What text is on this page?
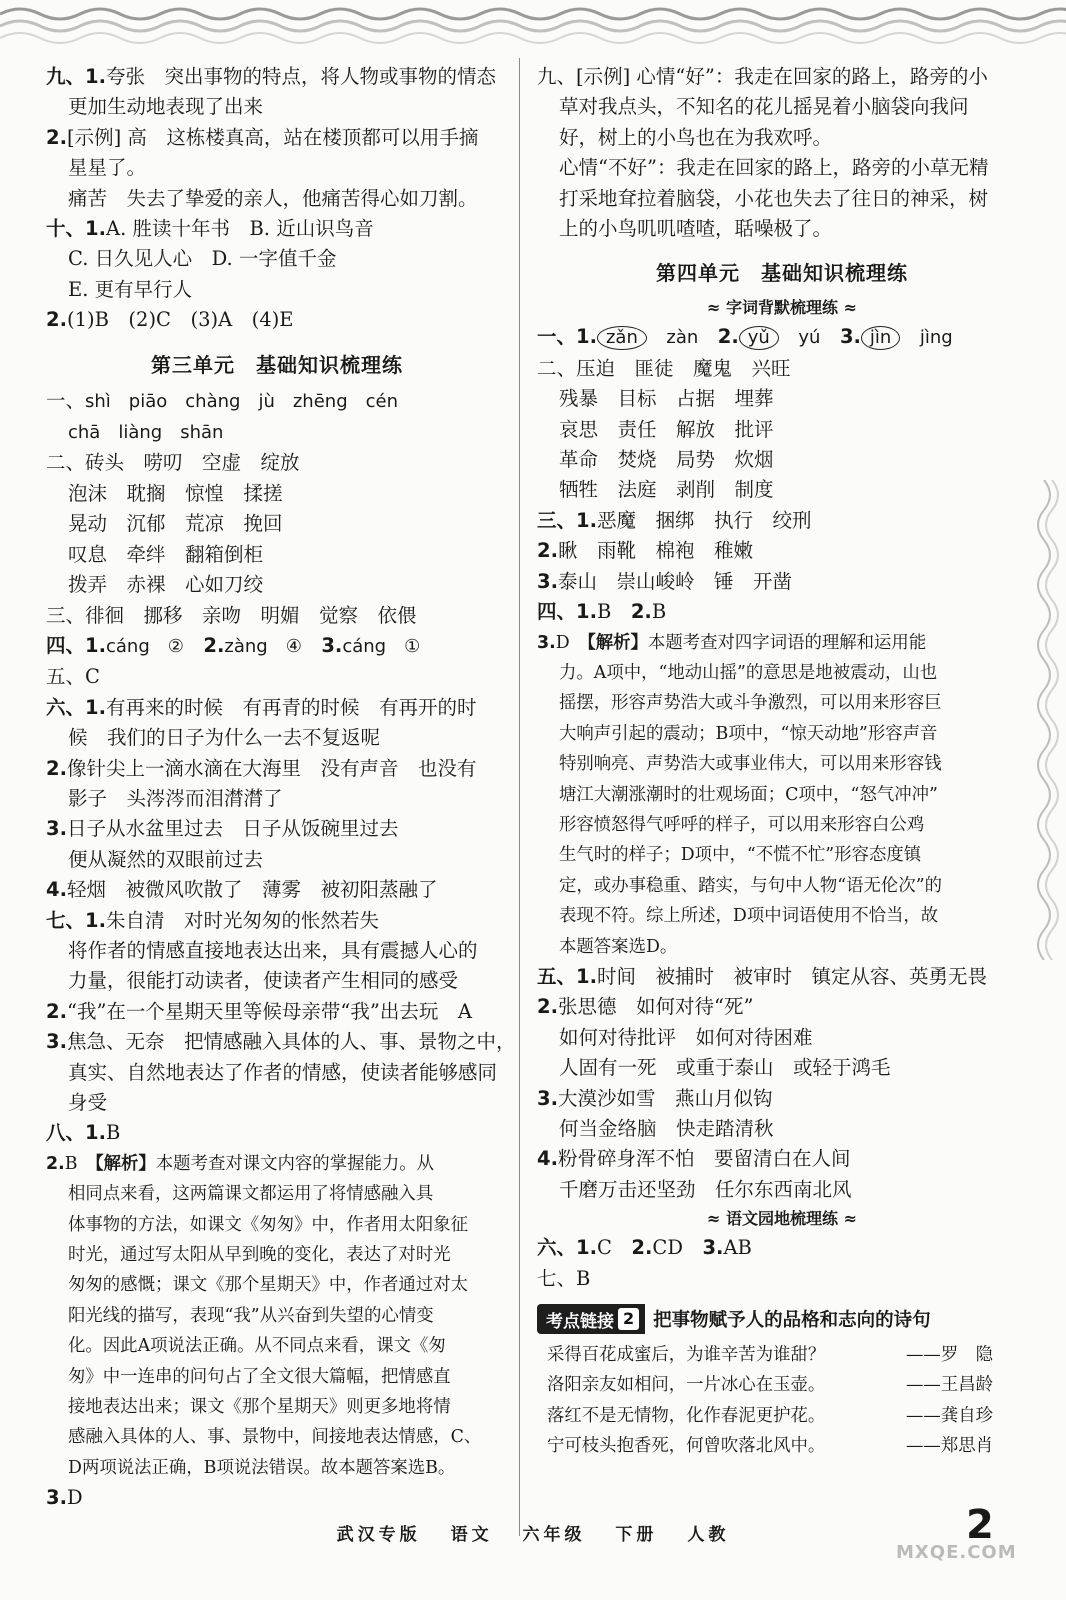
九、1.夸张　突出事物的特点，将人物或事物的情态
更加生动地表现了出来
2.[示例] 高　这栋楼真高，站在楼顶都可以用手摘
星星了。
痛苦　失去了挚爱的亲人，他痛苦得心如刀割。
十、1.A. 胜读十年书　B. 近山识鸟音
C. 日久见人心　D. 一字值千金
E. 更有早行人
2.(1)B　(2)C　(3)A　(4)E
第三单元　基础知识梳理练
一、shì　piāo　chàng　jù　zhēng　cén
chā　liàng　shān
二、砖头　唠叨　空虚　绽放
泡沫　耽搁　惊惶　揉搓
晃动　沉郁　荒凉　挽回
叹息　牵绊　翻箱倒柜
拨弄　赤裸　心如刀绞
三、徘徊　挪移　亲吻　明媚　觉察　依偎
四、1.cáng　②　 2.zàng　④　 3.cáng　①
五、C
六、1.有再来的时候　有再青的时候　有再开的时
候　我们的日子为什么一去不复返呢
2.像针尖上一滴水滴在大海里　没有声音　也没有
影子　头涔涔而泪潸潸了
3.日子从水盆里过去　日子从饭碗里过去
便从凝然的双眼前过去
4.轻烟　被微风吹散了　薄雾　被初阳蒸融了
七、1.朱自清　对时光匆匆的怅然若失
将作者的情感直接地表达出来，具有震撼人心的
力量，很能打动读者，使读者产生相同的感受
2.“我”在一个星期天里等候母亲带“我”出去玩　A
3.焦急、无奈　把情感融入具体的人、事、景物之中，
真实、自然地表达了作者的情感，使读者能够感同
身受
八、1.B
2.B　 【解析】本题考查对课文内容的掌握能力。从
相同点来看，这两篇课文都运用了将情感融入具
体事物的方法，如课文《匆匆》中，作者用太阳象征
时光，通过写太阳从早到晚的变化，表达了对时光
匆匆的感慨；课文《那个星期天》中，作者通过对太
阳光线的描写，表现“我”从兴奋到失望的心情变
化。因此A项说法正确。从不同点来看，课文《匆
匆》中一连串的问句占了全文很大篇幅，把情感直
接地表达出来；课文《那个星期天》则更多地将情
感融入具体的人、事、景物中，间接地表达情感，C、
D两项说法正确，B项说法错误。故本题答案选B。
3.D
九、[示例] 心情“好”：我走在回家的路上，路旁的小
草对我点头，不知名的花儿摇晃着小脑袋向我问
好，树上的小鸟也在为我欢呼。
心情“不好”：我走在回家的路上，路旁的小草无精
打采地耷拉着脑袋，小花也失去了往日的神采，树
上的小鸟叽叽喳喳，聒噪极了。
第四单元　基础知识梳理练
≈ 字词背默梳理练 ≈
一、1. zǎn　 zàn　 2. yǔ　 yú　 3. jìn　 jìng
二、压迫　匪徒　魔鬼　兴旺
残暴　目标　占据　埋葬
哀思　责任　解放　批评
革命　焚烧　局势　炊烟
牺牲　法庭　剥削　制度
三、1.恶魔　捆绑　执行　绞刑
2.瞅　雨靴　棉袍　稚嫩
3.泰山　崇山峻岭　锤　开凿
四、1.B　 2.B
3.D　 【解析】本题考查对四字词语的理解和运用能
力。A项中，“地动山摇”的意思是地被震动，山也
摇摆，形容声势浩大或斗争激烈，可以用来形容巨
大响声引起的震动；B项中，“惊天动地”形容声音
特别响亮、声势浩大或事业伟大，可以用来形容钱
塘江大潮涨潮时的壮观场面；C项中，“怒气冲冲”
形容愤怒得气呼呼的样子，可以用来形容白公鸡
生气时的样子；D项中，“不慌不忙”形容态度镇
定，或办事稳重、踏实，与句中人物“语无伦次”的
表现不符。综上所述，D项中词语使用不恰当，故
本题答案选D。
五、1.时间　被捕时　被审时　镇定从容、英勇无畏
2.张思德　如何对待“死”
如何对待批评　如何对待困难
人固有一死　或重于泰山　或轻于鸿毛
3.大漠沙如雪　燕山月似钩
何当金络脑　快走踏清秋
4.粉骨碎身浑不怕　要留清白在人间
千磨万击还坚劲　任尔东西南北风
≈ 语文园地梳理练 ≈
六、1.C　 2.CD　 3.AB
七、B
考点链接 2 把事物赋予人的品格和志向的诗句
采得百花成蜜后，为谁辛苦为谁甜？	——罗　隐
洛阳亲友如相问，一片冰心在玉壶。	——王昌龄
落红不是无情物，化作春泥更护花。	——龚自珍
宁可枝头抱香死，何曾吹落北风中。	——郑思肖
武汉专版 语文 六年级 下册 人教	2
MXQE.COM
